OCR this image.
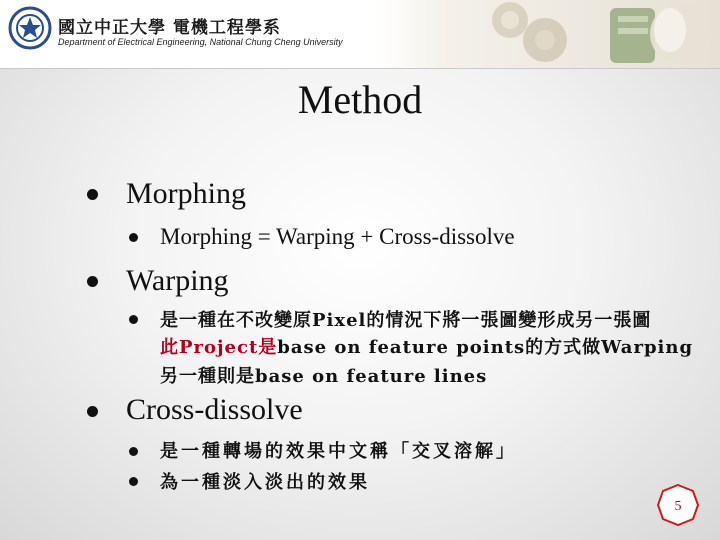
國立中正大學 電機工程學系
Department of Electrical Engineering, National Chung Cheng University
Method
Morphing
Morphing = Warping + Cross-dissolve
Warping
是一種在不改變原Pixel的情況下將一張圖變形成另一張圖
此Project是base on feature points的方式做Warping
另一種則是base on feature lines
Cross-dissolve
是一種轉場的效果中文稱「交叉溶解」
為一種淡入淡出的效果
5
